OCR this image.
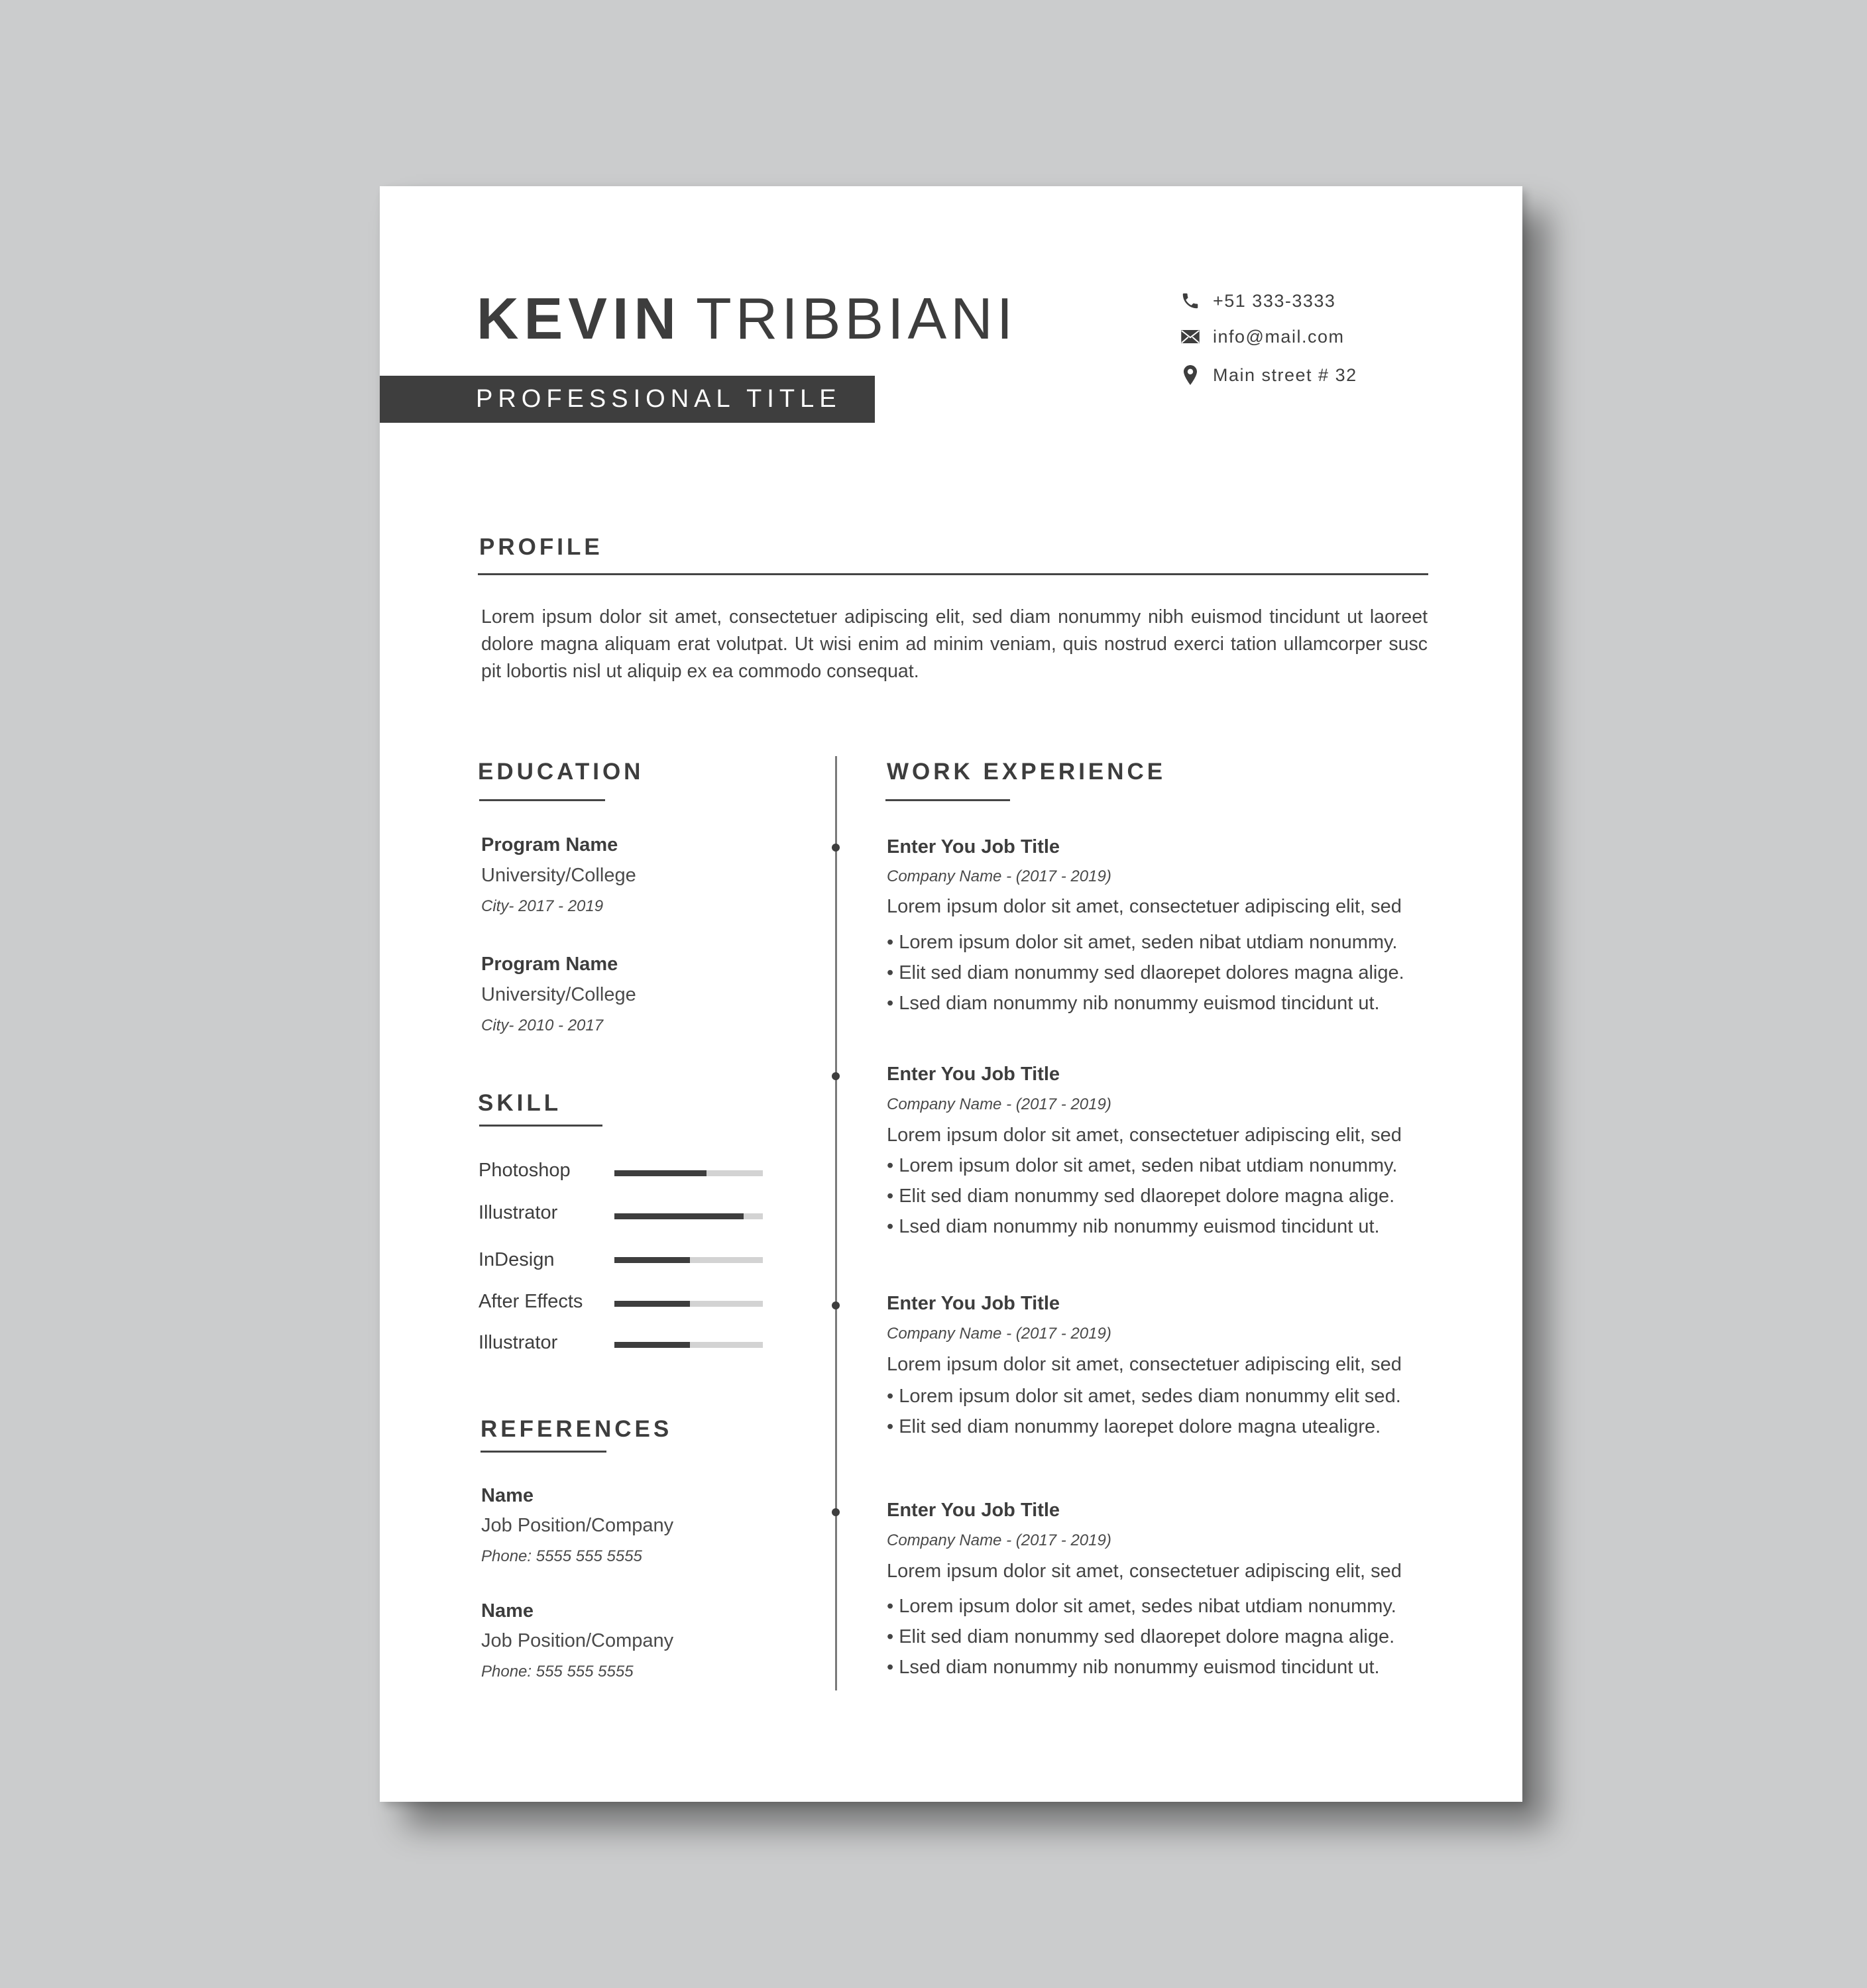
KEVIN TRIBBIANI
PROFESSIONAL TITLE
+51 333-3333
info@mail.com
Main street # 32
PROFILE
Lorem ipsum dolor sit amet, consectetuer adipiscing elit, sed diam nonummy nibh euismod tincidunt ut laoreet dolore magna aliquam erat volutpat. Ut wisi enim ad minim veniam, quis nostrud exerci tation ullamcorper susc pit lobortis nisl ut aliquip ex ea commodo consequat.
EDUCATION
Program Name
University/College
City- 2017 - 2019
Program Name
University/College
City- 2010 - 2017
SKILL
Photoshop
Illustrator
InDesign
After Effects
Illustrator
REFERENCES
Name
Job Position/Company
Phone: 5555 555 5555
Name
Job Position/Company
Phone: 555 555 5555
WORK EXPERIENCE
Enter You Job Title
Company Name - (2017 - 2019)
Lorem ipsum dolor sit amet, consectetuer adipiscing elit, sed
• Lorem ipsum dolor sit amet, seden nibat utdiam nonummy.
• Elit sed diam nonummy sed dlaorepet dolores magna alige.
• Lsed diam nonummy nib nonummy euismod tincidunt ut.
Enter You Job Title
Company Name - (2017 - 2019)
Lorem ipsum dolor sit amet, consectetuer adipiscing elit, sed
• Lorem ipsum dolor sit amet, seden nibat utdiam nonummy.
• Elit sed diam nonummy sed dlaorepet dolore magna alige.
• Lsed diam nonummy nib nonummy euismod tincidunt ut.
Enter You Job Title
Company Name - (2017 - 2019)
Lorem ipsum dolor sit amet, consectetuer adipiscing elit, sed
• Lorem ipsum dolor sit amet, sedes diam nonummy elit sed.
• Elit sed diam nonummy laorepet dolore magna utealigre.
Enter You Job Title
Company Name - (2017 - 2019)
Lorem ipsum dolor sit amet, consectetuer adipiscing elit, sed
• Lorem ipsum dolor sit amet, sedes nibat utdiam nonummy.
• Elit sed diam nonummy sed dlaorepet dolore magna alige.
• Lsed diam nonummy nib nonummy euismod tincidunt ut.
